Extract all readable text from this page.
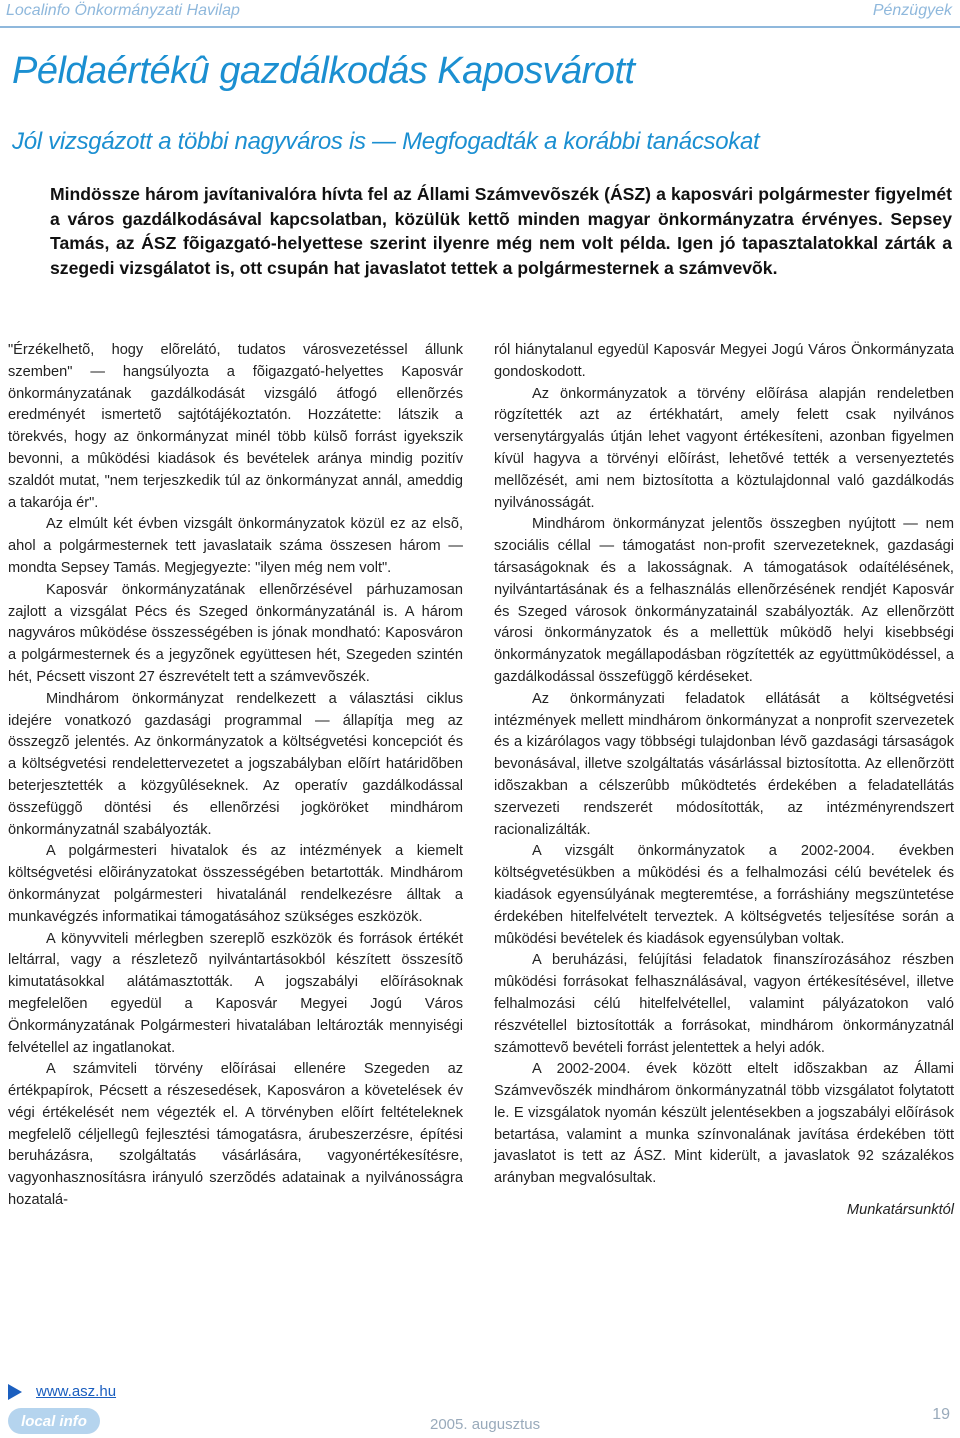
Localinfo Önkormányzati Havilap	Pénzügyek
Példaértékû gazdálkodás Kaposvárott
Jól vizsgázott a többi nagyváros is — Megfogadták a korábbi tanácsokat
Mindössze három javítanivalóra hívta fel az Állami Számvevõszék (ÁSZ) a kaposvári polgármester figyelmét a város gazdálkodásával kapcsolatban, közülük kettõ minden magyar önkormányzatra érvényes. Sepsey Tamás, az ÁSZ fõigazgató-helyettese szerint ilyenre még nem volt példa. Igen jó tapasztalatokkal zárták a szegedi vizsgálatot is, ott csupán hat javaslatot tettek a polgármesternek a számvevõk.

"Érzékelhetõ, hogy elõrelátó, tudatos városvezetéssel állunk szemben" — hangsúlyozta a fõigazgató-helyettes Kaposvár önkormányzatának gazdálkodását vizsgáló átfogó ellenõrzés eredményét ismertetõ sajtótájékoztatón. Hozzátette: látszik a törekvés, hogy az önkormányzat minél több külsõ forrást igyekszik bevonni, a mûködési kiadások és bevételek aránya mindig pozitív szaldót mutat, "nem terjeszkedik túl az önkormányzat annál, ameddig a takarója ér".

Az elmúlt két évben vizsgált önkormányzatok közül ez az elsõ, ahol a polgármesternek tett javaslataik száma összesen három — mondta Sepsey Tamás. Megjegyezte: "ilyen még nem volt".

Kaposvár önkormányzatának ellenõrzésével párhuzamosan zajlott a vizsgálat Pécs és Szeged önkormányzatánál is. A három nagyváros mûködése összességében is jónak mondható: Kaposváron a polgármesternek és a jegyzõnek együttesen hét, Szegeden szintén hét, Pécsett viszont 27 észrevételt tett a számvevõszék.

Mindhárom önkormányzat rendelkezett a választási ciklus idejére vonatkozó gazdasági programmal — állapítja meg az összegzõ jelentés. Az önkormányzatok a költségvetési koncepciót és a költségvetési rendelettervezetet a jogszabályban elõírt határidõben beterjesztették a közgyûléseknek. Az operatív gazdálkodással összefüggõ döntési és ellenõrzési jogköröket mindhárom önkormányzatnál szabályozták.

A polgármesteri hivatalok és az intézmények a kiemelt költségvetési elõirányzatokat összességében betartották. Mindhárom önkormányzat polgármesteri hivatalánál rendelkezésre álltak a munkavégzés informatikai támogatásához szükséges eszközök.

A könyvviteli mérlegben szereplõ eszközök és források értékét leltárral, vagy a részletezõ nyilvántartásokból készített összesítõ kimutatásokkal alátámasztották. A jogszabályi elõírásoknak megfelelõen egyedül a Kaposvár Megyei Jogú Város Önkormányzatának Polgármesteri hivatalában leltározták mennyiségi felvétellel az ingatlanokat.

A számviteli törvény elõírásai ellenére Szegeden az értékpapírok, Pécsett a részesedések, Kaposváron a követelések év végi értékelését nem végezték el. A törvényben elõírt feltételeknek megfelelõ céljellegû fejlesztési támogatásra, árubeszerzésre, építési beruházásra, szolgáltatás vásárlására, vagyonértékesítésre, vagyonhasznosításra irányuló szerzõdés adatainak a nyilvánosságra hozatalá-

ról hiánytalanul egyedül Kaposvár Megyei Jogú Város Önkormányzata gondoskodott.

Az önkormányzatok a törvény elõírása alapján rendeletben rögzítették azt az értékhatárt, amely felett csak nyilvános versenytárgyalás útján lehet vagyont értékesíteni, azonban figyelmen kívül hagyva a törvényi elõírást, lehetõvé tették a versenyeztetés mellõzését, ami nem biztosította a köztulajdonnal való gazdálkodás nyilvánosságát.

Mindhárom önkormányzat jelentõs összegben nyújtott — nem szociális céllal — támogatást non-profit szervezeteknek, gazdasági társaságoknak és a lakosságnak. A támogatások odaítélésének, nyilvántartásának és a felhasználás ellenõrzésének rendjét Kaposvár és Szeged városok önkormányzatainál szabályozták. Az ellenõrzött városi önkormányzatok és a mellettük mûködõ helyi kisebbségi önkormányzatok megállapodásban rögzítették az együttmûködéssel, a gazdálkodással összefüggõ kérdéseket.

Az önkormányzati feladatok ellátását a költségvetési intézmények mellett mindhárom önkormányzat a nonprofit szervezetek és a kizárólagos vagy többségi tulajdonban lévõ gazdasági társaságok bevonásával, illetve szolgáltatás vásárlással biztosította. Az ellenõrzött idõszakban a célszerûbb mûködtetés érdekében a feladatellátás szervezeti rendszerét módosították, az intézményrendszert racionalizálták.

A vizsgált önkormányzatok a 2002-2004. években költségvetésükben a mûködési és a felhalmozási célú bevételek és kiadások egyensúlyának megteremtése, a forráshiány megszüntetése érdekében hitelfelvételt terveztek. A költségvetés teljesítése során a mûködési bevételek és kiadások egyensúlyban voltak.

A beruházási, felújítási feladatok finanszírozásához részben mûködési forrásokat felhasználásával, vagyon értékesítésével, illetve felhalmozási célú hitelfelvétellel, valamint pályázatokon való részvétellel biztosították a forrásokat, mindhárom önkormányzatnál számottevõ bevételi forrást jelentettek a helyi adók.

A 2002-2004. évek között eltelt idõszakban az Állami Számvevõszék mindhárom önkormányzatnál több vizsgálatot folytatott le. E vizsgálatok nyomán készült jelentésekben a jogszabályi elõírások betartása, valamint a munka színvonalának javítása érdekében tött javaslatot is tett az ÁSZ. Mint kiderült, a javaslatok 92 százalékos arányban megvalósultak.

Munkatársunktól

www.asz.hu
local info	2005. augusztus
19
